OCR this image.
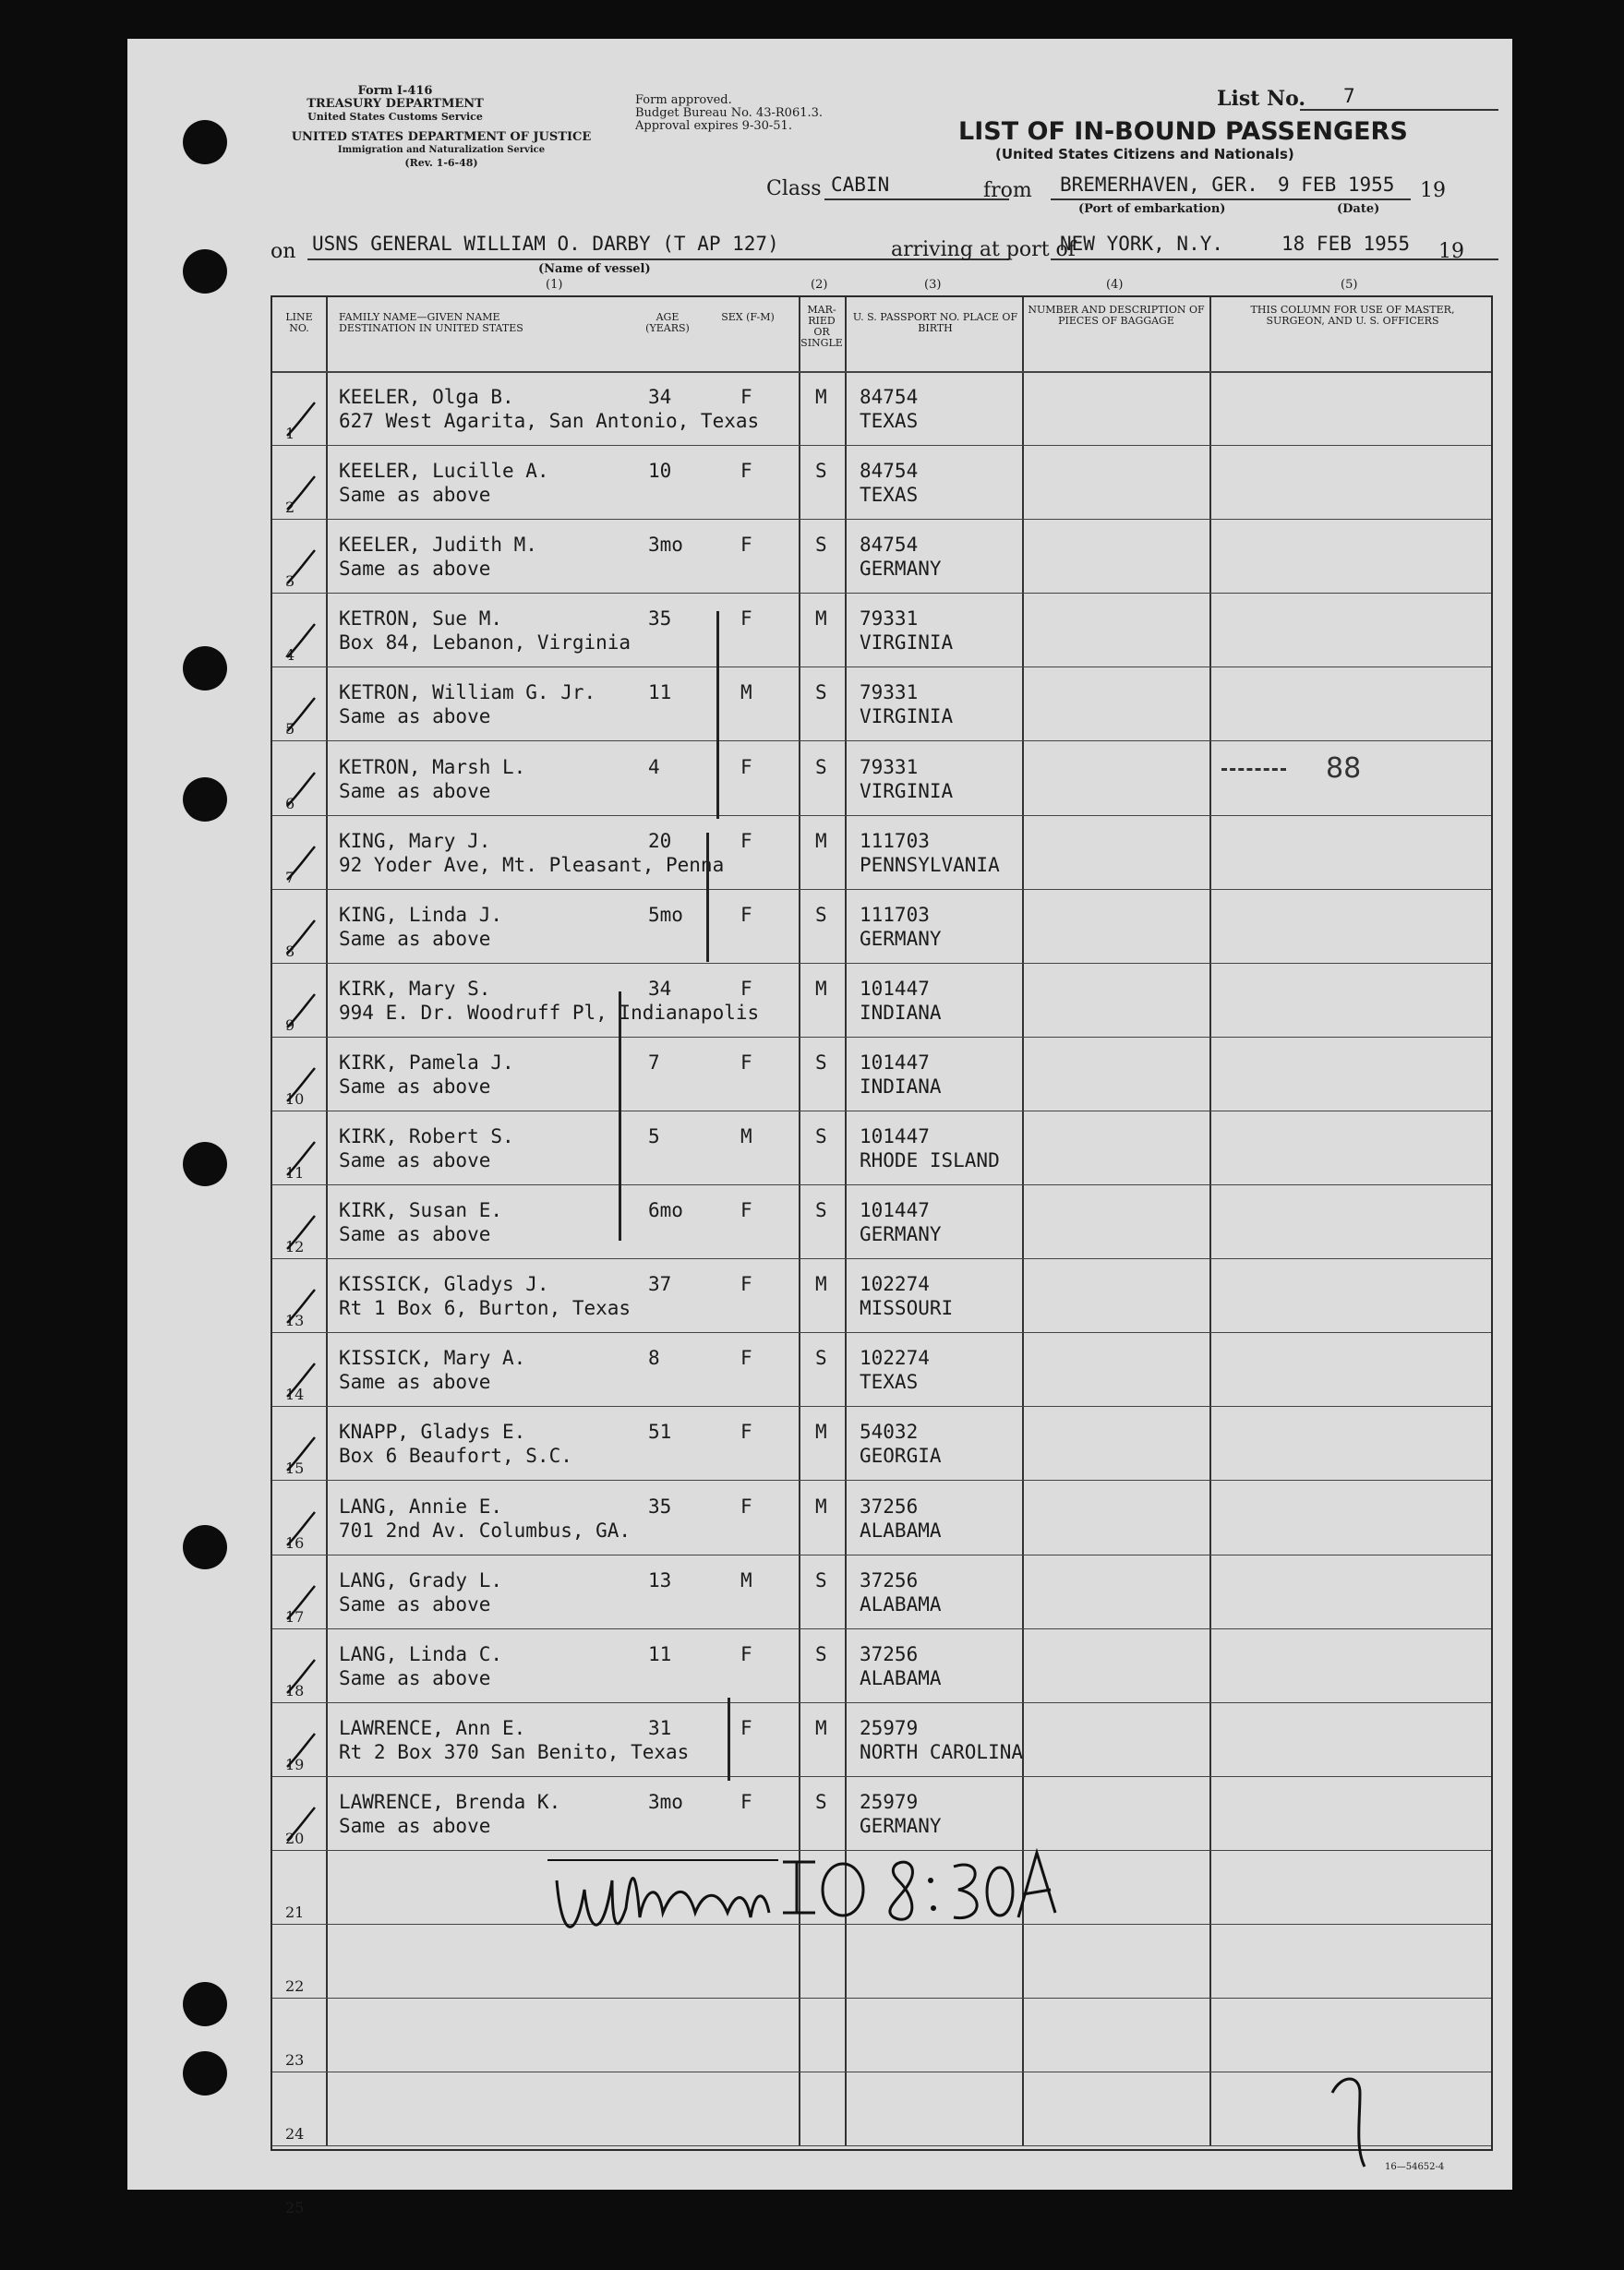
Form I-416
TREASURY DEPARTMENT
United States Customs Service
UNITED STATES DEPARTMENT OF JUSTICE
Immigration and Naturalization Service
(Rev. 1-6-48)
Form approved.
Budget Bureau No. 43-R061.3.
Approval expires 9-30-51.
List No. 7
LIST OF IN-BOUND PASSENGERS
(United States Citizens and Nationals)
Class CABIN	from BREMERHAVEN, GER. 9 FEB 1955 19
(Port of embarkation)	(Date)
on USNS GENERAL WILLIAM O. DARBY (T AP 127)
(Name of vessel)
arriving at port of
NEW YORK, N.Y.	18 FEB 1955 19
(1)	(2)	(3)	(4)	(5)
LINE NO.
FAMILY NAME—GIVEN NAME DESTINATION IN UNITED STATES
AGE (YEARS)
SEX (F-M)
MAR-RIED OR SINGLE
U. S. PASSPORT NO. PLACE OF BIRTH
NUMBER AND DESCRIPTION OF PIECES OF BAGGAGE
THIS COLUMN FOR USE OF MASTER, SURGEON, AND U. S. OFFICERS
1
KEELER, Olga B.
627 West Agarita, San Antonio, Texas
34	F	M 84754
TEXAS
2
KEELER, Lucille A.
Same as above
10	F	S 84754
TEXAS
3
KEELER, Judith M.
Same as above
3mo	F	S 84754
GERMANY
4
KETRON, Sue M.
Box 84, Lebanon, Virginia
35	F	M 79331
VIRGINIA
5
KETRON, William G. Jr.
Same as above
11	M	S 79331
VIRGINIA
6
KETRON, Marsh L.
Same as above
4	F	S 79331
VIRGINIA
7
KING, Mary J.
92 Yoder Ave, Mt. Pleasant, Penna
20	F	M 111703
PENNSYLVANIA
8
KING, Linda J.
Same as above
5mo	F	S 111703
GERMANY
9
KIRK, Mary S.
994 E. Dr. Woodruff Pl, Indianapolis
34	F	M 101447
INDIANA
10
KIRK, Pamela J.
Same as above
7	F	S 101447
INDIANA
11
KIRK, Robert S.
Same as above
5	M	S 101447
RHODE ISLAND
12
KIRK, Susan E.
Same as above
6mo	F	S 101447
GERMANY
13
KISSICK, Gladys J.
Rt 1 Box 6, Burton, Texas
37	F	M 102274
MISSOURI
14
KISSICK, Mary A.
Same as above
8	F	S 102274
TEXAS
15
KNAPP, Gladys E.
Box 6 Beaufort, S.C.
51	F	M 54032
GEORGIA
16
LANG, Annie E.
701 2nd Av. Columbus, GA.
35	F	M 37256
ALABAMA
17
LANG, Grady L.
Same as above
13	M	S 37256
ALABAMA
18
LANG, Linda C.
Same as above
11	F	S 37256
ALABAMA
19
LAWRENCE, Ann E.
Rt 2 Box 370 San Benito, Texas
31	F	M 25979
NORTH CAROLINA
20
LAWRENCE, Brenda K.
Same as above
3mo	F	S 25979
GERMANY
21
22
23
24
25
88
16—54652-4
